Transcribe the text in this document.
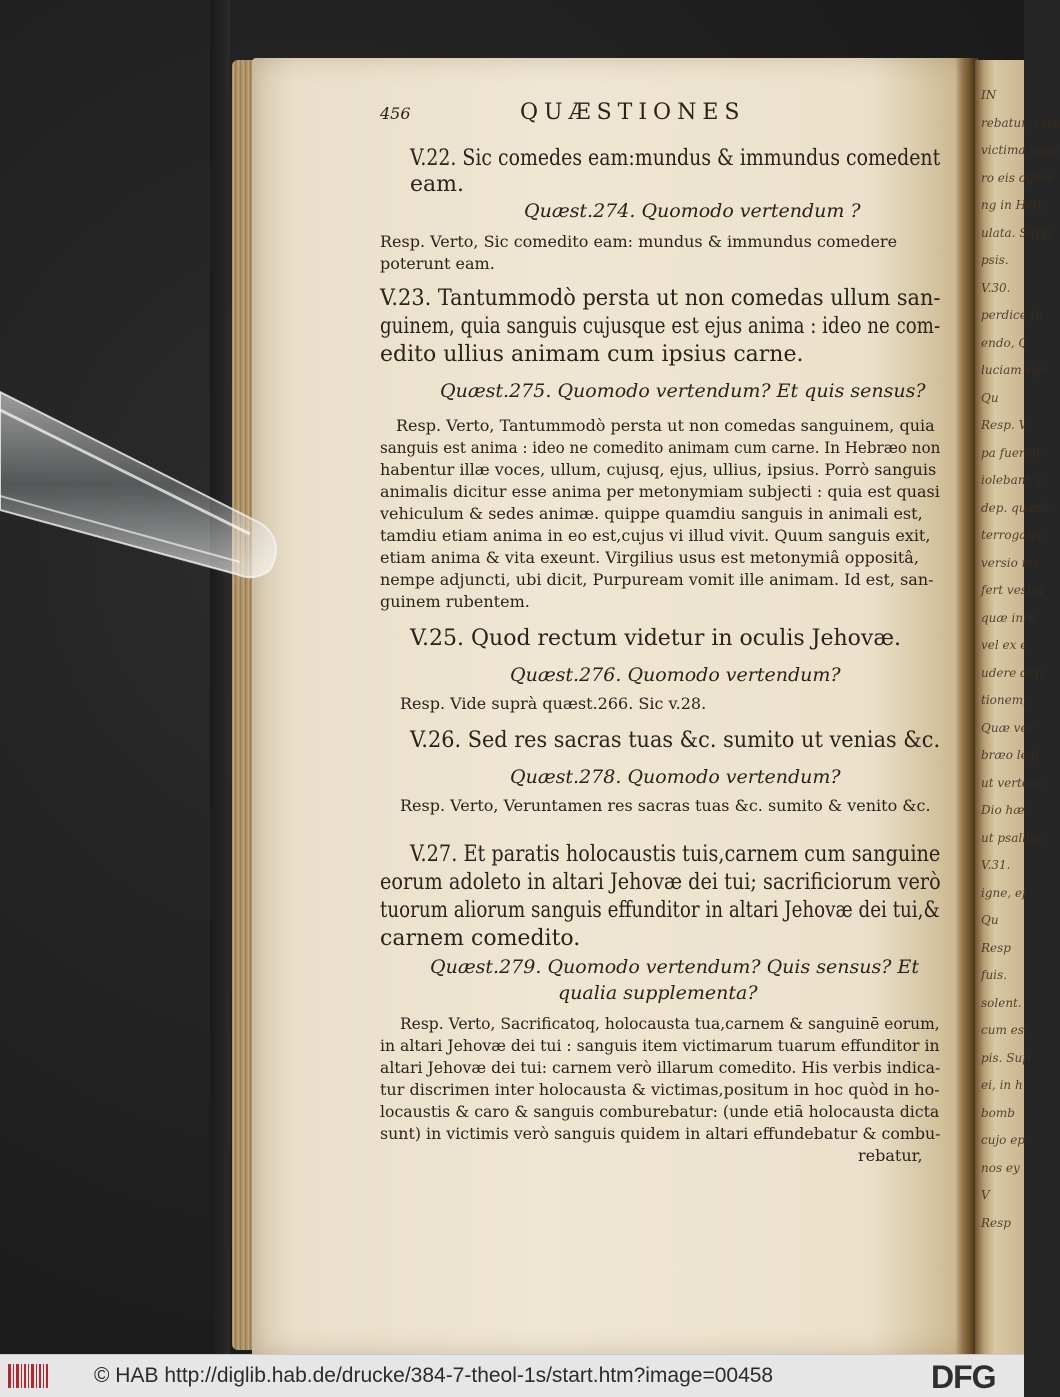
IN
rebatur, caro
victima nomi
ro eis offere
ng in Heb.
ulata. Supp
psis.
V.30.
perdice fu
endo, Q
luciam ego
Qu
Resp. V
pa fuerint
iolebant g
dep. quæst.
terrogativ
versio me
fert vestig
quæ inte
vel ex e
udere dep
tionem,
Quæ ver
bræo legi
ut vertero
Dio hæc
ut psallim
V.31.
igne, ef
Qu
Resp
fuis.
solent.
cum est
pis. Sup
ei, in h
bomb
cujo ep
nos ey
V
Resp
456	QUÆSTIONES
V.22. Sic comedes eam:mundus & immundus comedent
eam.
Quæst.274. Quomodo vertendum ?
Resp. Verto, Sic comedito eam: mundus & immundus comedere
poterunt eam.
V.23. Tantummodò persta ut non comedas ullum san-
guinem, quia sanguis cujusque est ejus anima : ideo ne com-
edito ullius animam cum ipsius carne.
Quæst.275. Quomodo vertendum? Et quis sensus?
Resp. Verto, Tantummodò persta ut non comedas sanguinem, quia
sanguis est anima : ideo ne comedito animam cum carne. In Hebræo non
habentur illæ voces, ullum, cujusq, ejus, ullius, ipsius. Porrò sanguis
animalis dicitur esse anima per metonymiam subjecti : quia est quasi
vehiculum & sedes animæ. quippe quamdiu sanguis in animali est,
tamdiu etiam anima in eo est,cujus vi illud vivit. Quum sanguis exit,
etiam anima & vita exeunt. Virgilius usus est metonymiâ oppositâ,
nempe adjuncti, ubi dicit, Purpuream vomit ille animam. Id est, san-
guinem rubentem.
V.25. Quod rectum videtur in oculis Jehovæ.
Quæst.276. Quomodo vertendum?
Resp. Vide suprà quæst.266. Sic v.28.
V.26. Sed res sacras tuas &c. sumito ut venias &c.
Quæst.278. Quomodo vertendum?
Resp. Verto, Veruntamen res sacras tuas &c. sumito & venito &c.
V.27. Et paratis holocaustis tuis,carnem cum sanguine
eorum adoleto in altari Jehovæ dei tui; sacrificiorum verò
tuorum aliorum sanguis effunditor in altari Jehovæ dei tui,&
carnem comedito.
Quæst.279. Quomodo vertendum? Quis sensus? Et
qualia supplementa?
Resp. Verto, Sacrificatoq, holocausta tua,carnem & sanguinē eorum,
in altari Jehovæ dei tui : sanguis item victimarum tuarum effunditor in
altari Jehovæ dei tui: carnem verò illarum comedito. His verbis indica-
tur discrimen inter holocausta & victimas,positum in hoc quòd in ho-
locaustis & caro & sanguis comburebatur: (unde etiā holocausta dicta
sunt) in victimis verò sanguis quidem in altari effundebatur & combu-
rebatur,
© HAB http://diglib.hab.de/drucke/384-7-theol-1s/start.htm?image=00458	DFG
